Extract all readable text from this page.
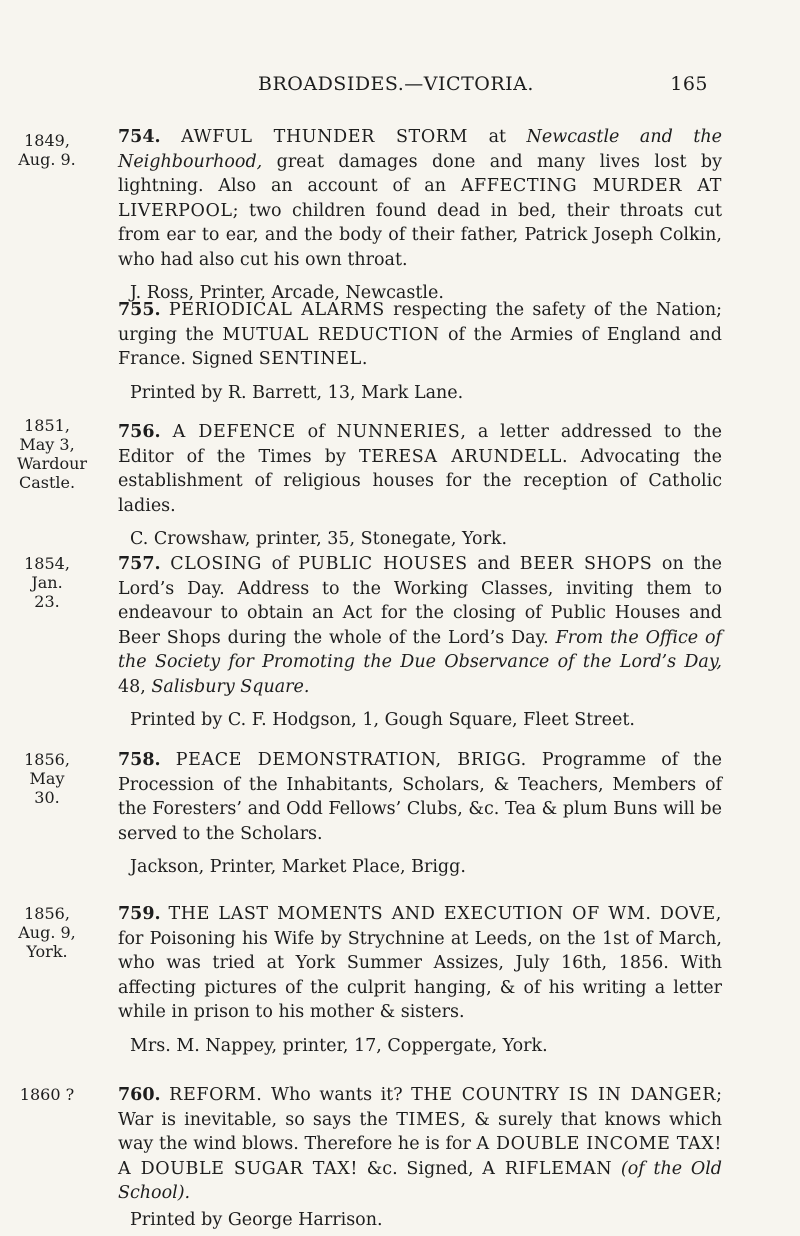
BROADSIDES.—VICTORIA.	165
1849,
Aug. 9.

754. AWFUL THUNDER STORM at Newcastle and the Neighbourhood, great damages done and many lives lost by lightning. Also an account of an AFFECTING MURDER AT LIVERPOOL; two children found dead in bed, their throats cut from ear to ear, and the body of their father, Patrick Joseph Colkin, who had also cut his own throat.

J. Ross, Printer, Arcade, Newcastle.

755. PERIODICAL ALARMS respecting the safety of the Nation; urging the MUTUAL REDUCTION of the Armies of England and France. Signed SENTINEL.

Printed by R. Barrett, 13, Mark Lane.

1851,
May 3,
Wardour
Castle.

756. A DEFENCE of NUNNERIES, a letter addressed to the Editor of the Times by TERESA ARUNDELL. Advocating the establishment of religious houses for the reception of Catholic ladies.

C. Crowshaw, printer, 35, Stonegate, York.

1854,
Jan. 23.

757. CLOSING of PUBLIC HOUSES and BEER SHOPS on the Lord’s Day. Address to the Working Classes, inviting them to endeavour to obtain an Act for the closing of Public Houses and Beer Shops during the whole of the Lord’s Day. From the Office of the Society for Promoting the Due Observance of the Lord’s Day, 48, Salisbury Square.

Printed by C. F. Hodgson, 1, Gough Square, Fleet Street.

1856,
May 30.

758. PEACE DEMONSTRATION, BRIGG. Programme of the Procession of the Inhabitants, Scholars, & Teachers, Members of the Foresters’ and Odd Fellows’ Clubs, &c. Tea & plum Buns will be served to the Scholars.

Jackson, Printer, Market Place, Brigg.

1856,
Aug. 9,
York.

759. THE LAST MOMENTS AND EXECUTION OF WM. DOVE, for Poisoning his Wife by Strychnine at Leeds, on the 1st of March, who was tried at York Summer Assizes, July 16th, 1856. With affecting pictures of the culprit hanging, & of his writing a letter while in prison to his mother & sisters.

Mrs. M. Nappey, printer, 17, Coppergate, York.

1860 ?	760. REFORM. Who wants it? THE COUNTRY IS IN DANGER; War is inevitable, so says the TIMES, & surely that knows which way the wind blows. Therefore he is for A DOUBLE INCOME TAX! A DOUBLE SUGAR TAX! &c. Signed, A RIFLEMAN (of the Old School).

Printed by George Harrison.
